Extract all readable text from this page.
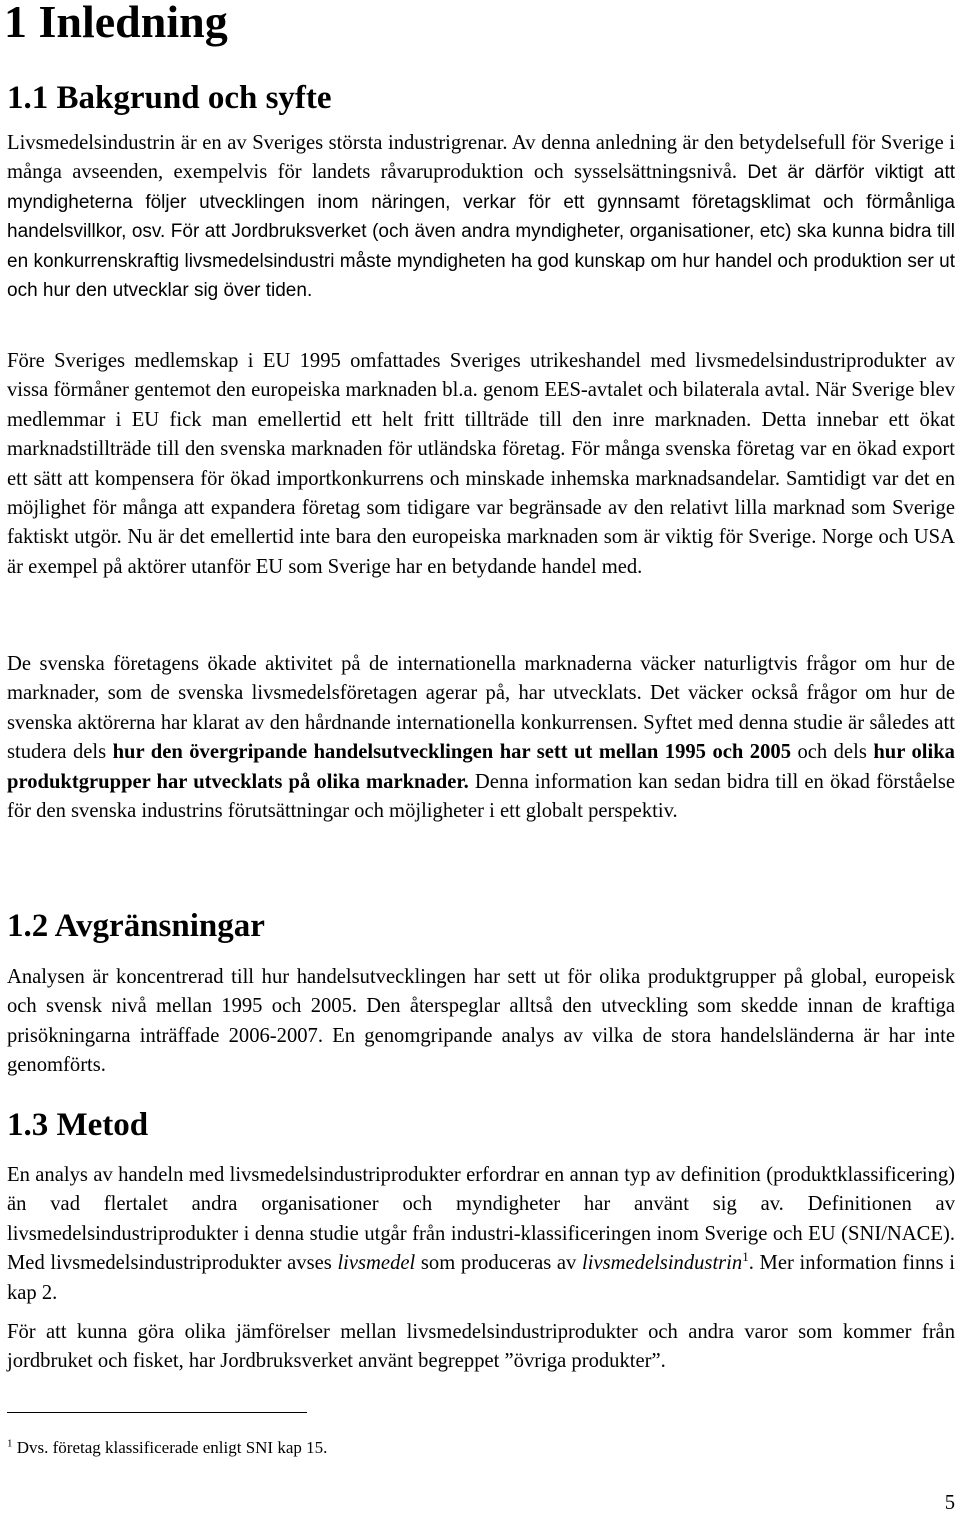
1 Inledning
1.1 Bakgrund och syfte

Livsmedelsindustrin är en av Sveriges största industrigrenar. Av denna anledning är den betydelsefull för Sverige i många avseenden, exempelvis för landets råvaruproduktion och sysselsättningsnivå. Det är därför viktigt att myndigheterna följer utvecklingen inom näringen, verkar för ett gynnsamt företagsklimat och förmånliga handelsvillkor, osv. För att Jordbruksverket (och även andra myndigheter, organisationer, etc) ska kunna bidra till en konkurrenskraftig livsmedelsindustri måste myndigheten ha god kunskap om hur handel och produktion ser ut och hur den utvecklar sig över tiden.

Före Sveriges medlemskap i EU 1995 omfattades Sveriges utrikeshandel med livsmedelsindustriprodukter av vissa förmåner gentemot den europeiska marknaden bl.a. genom EES-avtalet och bilaterala avtal. När Sverige blev medlemmar i EU fick man emellertid ett helt fritt tillträde till den inre marknaden. Detta innebar ett ökat marknadstillträde till den svenska marknaden för utländska företag. För många svenska företag var en ökad export ett sätt att kompensera för ökad importkonkurrens och minskade inhemska marknadsandelar. Samtidigt var det en möjlighet för många att expandera företag som tidigare var begränsade av den relativt lilla marknad som Sverige faktiskt utgör. Nu är det emellertid inte bara den europeiska marknaden som är viktig för Sverige. Norge och USA är exempel på aktörer utanför EU som Sverige har en betydande handel med.

De svenska företagens ökade aktivitet på de internationella marknaderna väcker naturligtvis frågor om hur de marknader, som de svenska livsmedelsföretagen agerar på, har utvecklats. Det väcker också frågor om hur de svenska aktörerna har klarat av den hårdnande internationella konkurrensen. Syftet med denna studie är således att studera dels hur den övergripande handelsutvecklingen har sett ut mellan 1995 och 2005 och dels hur olika produktgrupper har utvecklats på olika marknader. Denna information kan sedan bidra till en ökad förståelse för den svenska industrins förutsättningar och möjligheter i ett globalt perspektiv.

1.2 Avgränsningar

Analysen är koncentrerad till hur handelsutvecklingen har sett ut för olika produktgrupper på global, europeisk och svensk nivå mellan 1995 och 2005. Den återspeglar alltså den utveckling som skedde innan de kraftiga prisökningarna inträffade 2006-2007. En genomgripande analys av vilka de stora handelsländerna är har inte genomförts.

1.3 Metod

En analys av handeln med livsmedelsindustriprodukter erfordrar en annan typ av definition (produktklassificering) än vad flertalet andra organisationer och myndigheter har använt sig av. Definitionen av livsmedelsindustriprodukter i denna studie utgår från industri-klassificeringen inom Sverige och EU (SNI/NACE). Med livsmedelsindustriprodukter avses livsmedel som produceras av livsmedelsindustrin$^1$. Mer information finns i kap 2.

För att kunna göra olika jämförelser mellan livsmedelsindustriprodukter och andra varor som kommer från jordbruket och fisket, har Jordbruksverket använt begreppet ”övriga produkter”.

$^1$ Dvs. företag klassificerade enligt SNI kap 15.

5
